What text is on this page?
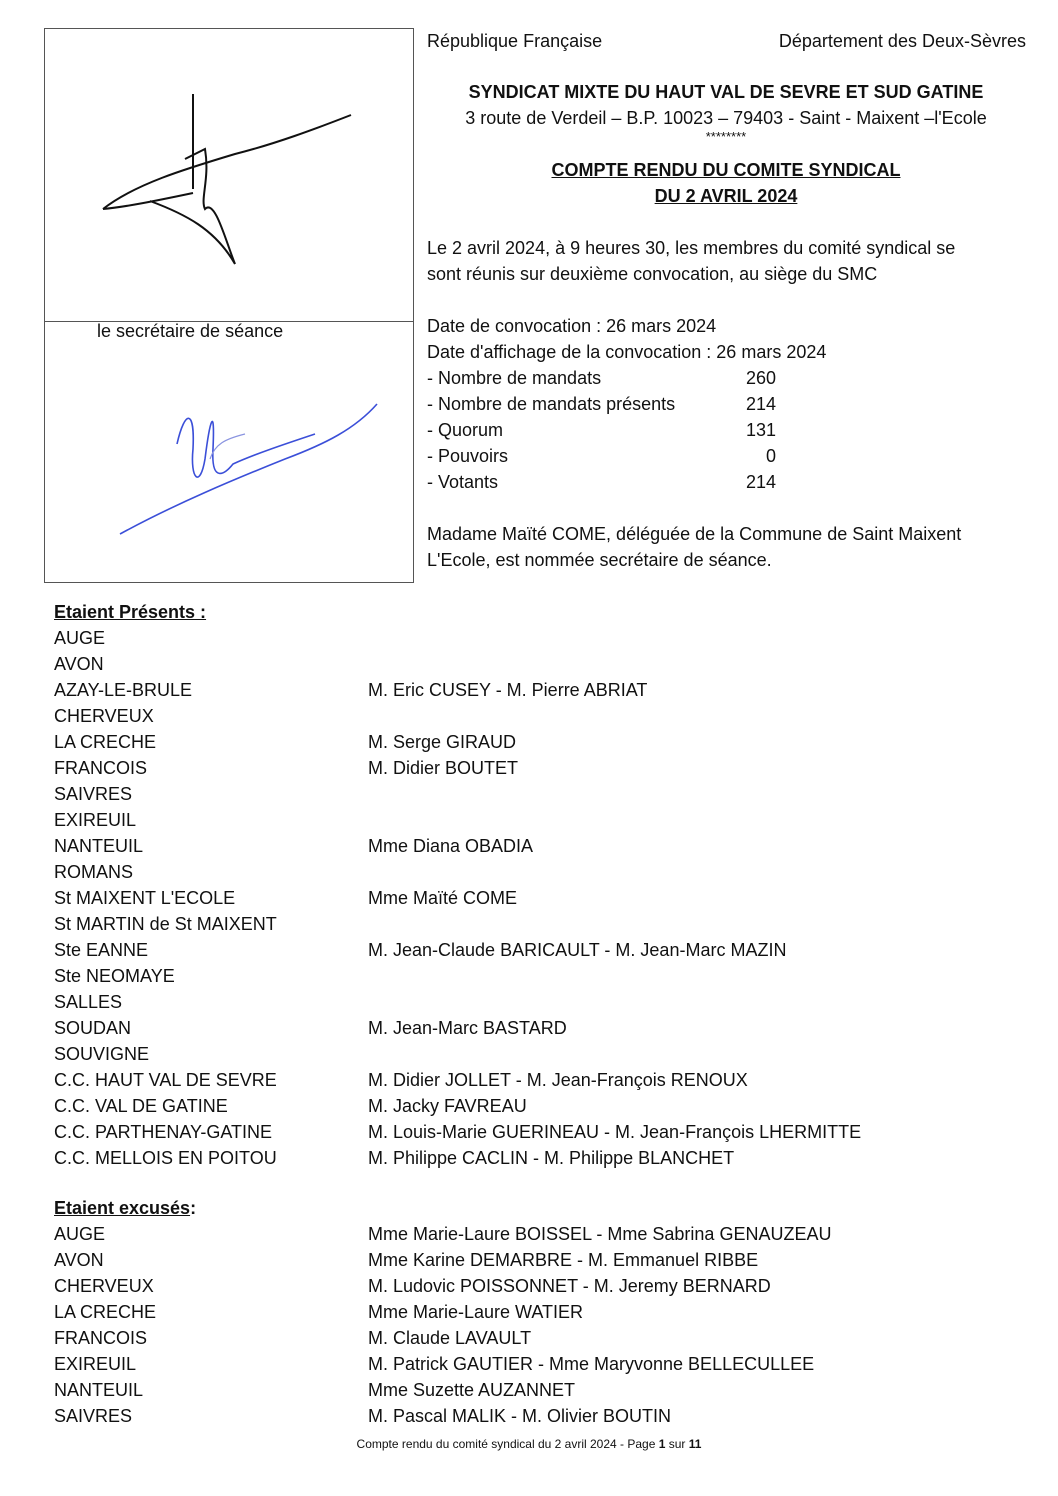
le secrétaire de séance
République Française	Département des Deux-Sèvres
SYNDICAT MIXTE DU HAUT VAL DE SEVRE ET SUD GATINE
3 route de Verdeil – B.P. 10023 – 79403 - Saint - Maixent –l'Ecole
********
COMPTE RENDU DU COMITE SYNDICAL
DU 2 AVRIL 2024
Le 2 avril 2024, à 9 heures 30, les membres du comité syndical se
sont réunis sur deuxième convocation, au siège du SMC
Date de convocation : 26 mars 2024
Date d'affichage de la convocation : 26 mars 2024
- Nombre de mandats	260
- Nombre de mandats présents	214
- Quorum	131
- Pouvoirs	0
- Votants	214
Madame Maïté COME, déléguée de la Commune de Saint Maixent
L'Ecole, est nommée secrétaire de séance.
Etaient Présents :
AUGE
AVON
AZAY-LE-BRULE	M. Eric CUSEY - M. Pierre ABRIAT
CHERVEUX
LA CRECHE	M. Serge GIRAUD
FRANCOIS	M. Didier BOUTET
SAIVRES
EXIREUIL
NANTEUIL	Mme Diana OBADIA
ROMANS
St MAIXENT L'ECOLE	Mme Maïté COME
St MARTIN de St MAIXENT
Ste EANNE	M. Jean-Claude BARICAULT - M. Jean-Marc MAZIN
Ste NEOMAYE
SALLES
SOUDAN	M. Jean-Marc BASTARD
SOUVIGNE
C.C. HAUT VAL DE SEVRE	M. Didier JOLLET - M. Jean-François RENOUX
C.C. VAL DE GATINE	M. Jacky FAVREAU
C.C. PARTHENAY-GATINE	M. Louis-Marie GUERINEAU - M. Jean-François LHERMITTE
C.C. MELLOIS EN POITOU	M. Philippe CACLIN - M. Philippe BLANCHET
Etaient excusés:
AUGE	Mme Marie-Laure BOISSEL - Mme Sabrina GENAUZEAU
AVON	Mme Karine DEMARBRE - M. Emmanuel RIBBE
CHERVEUX	M. Ludovic POISSONNET - M. Jeremy BERNARD
LA CRECHE	Mme Marie-Laure WATIER
FRANCOIS	M. Claude LAVAULT
EXIREUIL	M. Patrick GAUTIER - Mme Maryvonne BELLECULLEE
NANTEUIL	Mme Suzette AUZANNET
SAIVRES	M. Pascal MALIK - M. Olivier BOUTIN
Compte rendu du comité syndical du 2 avril 2024 - Page 1 sur 11
